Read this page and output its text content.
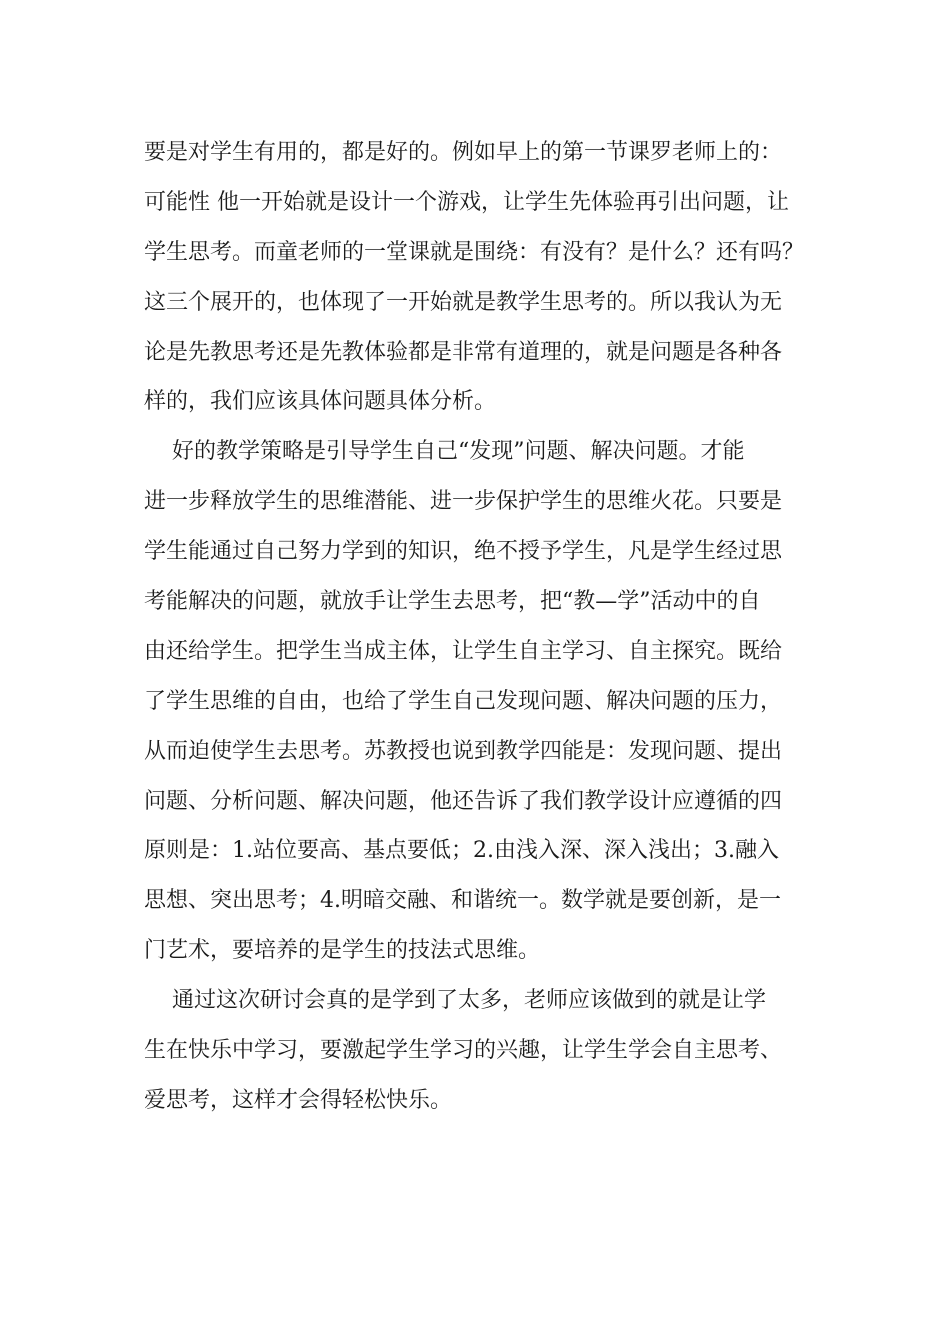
要是对学生有用的，都是好的。例如早上的第一节课罗老师上的：
可能性 他一开始就是设计一个游戏，让学生先体验再引出问题，让
学生思考。而童老师的一堂课就是围绕：有没有？是什么？还有吗？
这三个展开的，也体现了一开始就是教学生思考的。所以我认为无
论是先教思考还是先教体验都是非常有道理的，就是问题是各种各
样的，我们应该具体问题具体分析。
好的教学策略是引导学生自己“发现”问题、解决问题。才能
进一步释放学生的思维潜能、进一步保护学生的思维火花。只要是
学生能通过自己努力学到的知识，绝不授予学生，凡是学生经过思
考能解决的问题，就放手让学生去思考，把“教—学”活动中的自
由还给学生。把学生当成主体，让学生自主学习、自主探究。既给
了学生思维的自由，也给了学生自己发现问题、解决问题的压力，
从而迫使学生去思考。苏教授也说到教学四能是：发现问题、提出
问题、分析问题、解决问题，他还告诉了我们教学设计应遵循的四
原则是：1.站位要高、基点要低；2.由浅入深、深入浅出；3.融入
思想、突出思考；4.明暗交融、和谐统一。数学就是要创新，是一
门艺术，要培养的是学生的技法式思维。
通过这次研讨会真的是学到了太多，老师应该做到的就是让学
生在快乐中学习，要激起学生学习的兴趣，让学生学会自主思考、
爱思考，这样才会得轻松快乐。
